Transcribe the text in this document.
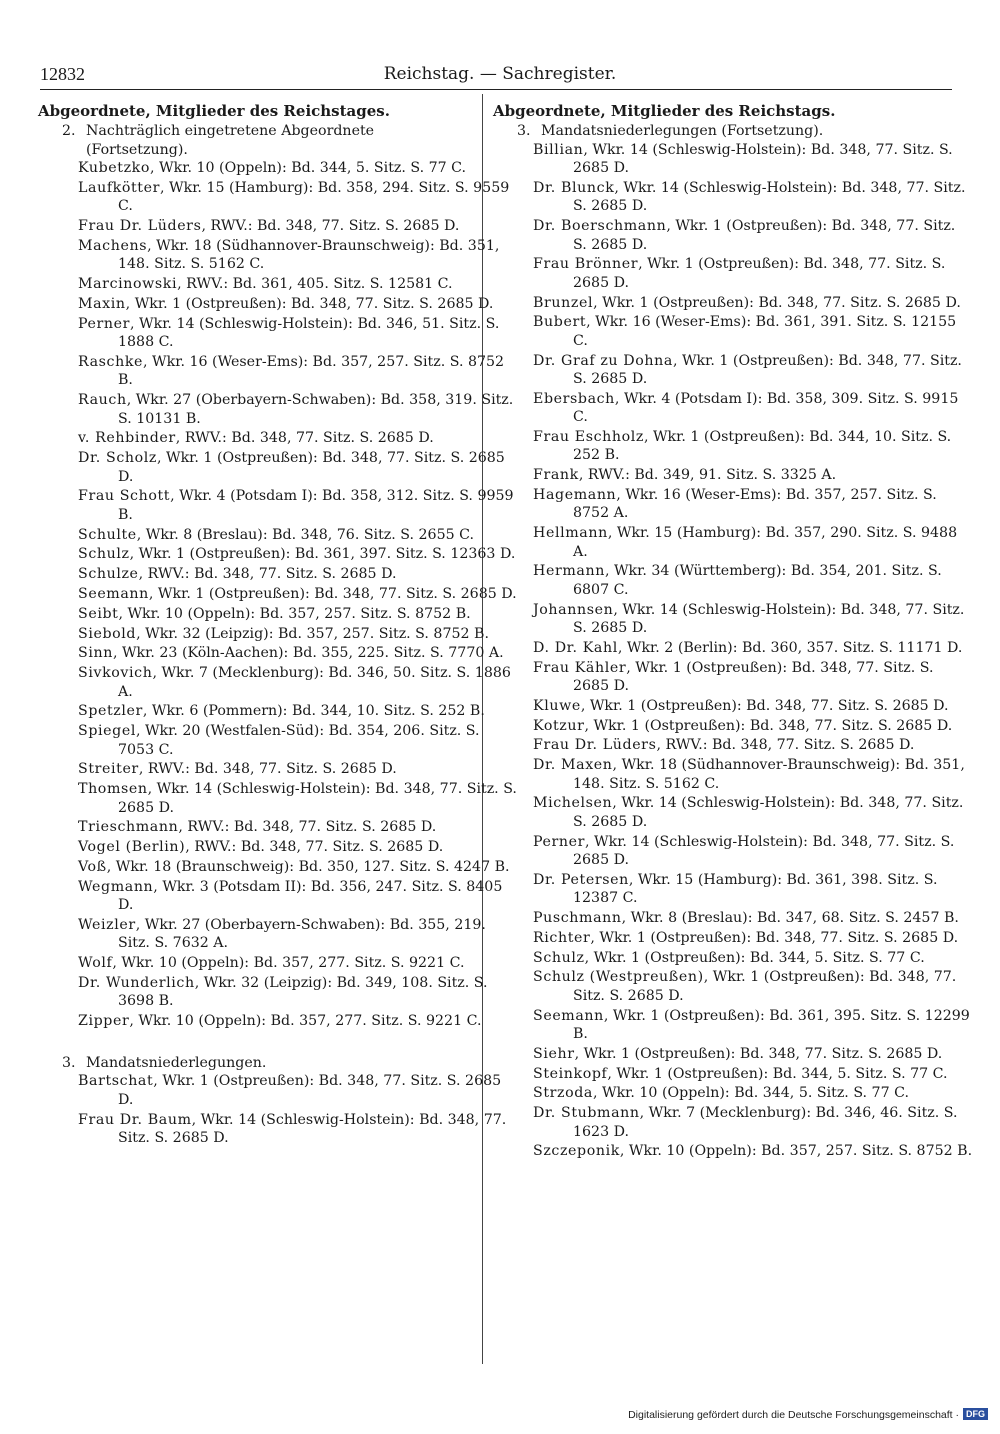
12832	Reichstag. — Sachregister.
Abgeordnete, Mitglieder des Reichstages.
2. Nachträglich eingetretene Abgeordnete (Fortsetzung).

Kubetzko, Wkr. 10 (Oppeln): Bd. 344, 5. Sitz. S. 77 C.

Laufkötter, Wkr. 15 (Hamburg): Bd. 358, 294. Sitz. S. 9559 C.

Frau Dr. Lüders, RWV.: Bd. 348, 77. Sitz. S. 2685 D.

Machens, Wkr. 18 (Südhannover-Braunschweig): Bd. 351, 148. Sitz. S. 5162 C.

Marcinowski, RWV.: Bd. 361, 405. Sitz. S. 12581 C.

Maxin, Wkr. 1 (Ostpreußen): Bd. 348, 77. Sitz. S. 2685 D.

Perner, Wkr. 14 (Schleswig-Holstein): Bd. 346, 51. Sitz. S. 1888 C.

Raschke, Wkr. 16 (Weser-Ems): Bd. 357, 257. Sitz. S. 8752 B.

Rauch, Wkr. 27 (Oberbayern-Schwaben): Bd. 358, 319. Sitz. S. 10131 B.

v. Rehbinder, RWV.: Bd. 348, 77. Sitz. S. 2685 D.

Dr. Scholz, Wkr. 1 (Ostpreußen): Bd. 348, 77. Sitz. S. 2685 D.

Frau Schott, Wkr. 4 (Potsdam I): Bd. 358, 312. Sitz. S. 9959 B.

Schulte, Wkr. 8 (Breslau): Bd. 348, 76. Sitz. S. 2655 C.

Schulz, Wkr. 1 (Ostpreußen): Bd. 361, 397. Sitz. S. 12363 D.

Schulze, RWV.: Bd. 348, 77. Sitz. S. 2685 D.

Seemann, Wkr. 1 (Ostpreußen): Bd. 348, 77. Sitz. S. 2685 D.

Seibt, Wkr. 10 (Oppeln): Bd. 357, 257. Sitz. S. 8752 B.

Siebold, Wkr. 32 (Leipzig): Bd. 357, 257. Sitz. S. 8752 B.

Sinn, Wkr. 23 (Köln-Aachen): Bd. 355, 225. Sitz. S. 7770 A.

Sivkovich, Wkr. 7 (Mecklenburg): Bd. 346, 50. Sitz. S. 1886 A.

Spetzler, Wkr. 6 (Pommern): Bd. 344, 10. Sitz. S. 252 B.

Spiegel, Wkr. 20 (Westfalen-Süd): Bd. 354, 206. Sitz. S. 7053 C.

Streiter, RWV.: Bd. 348, 77. Sitz. S. 2685 D.

Thomsen, Wkr. 14 (Schleswig-Holstein): Bd. 348, 77. Sitz. S. 2685 D.

Trieschmann, RWV.: Bd. 348, 77. Sitz. S. 2685 D.

Vogel (Berlin), RWV.: Bd. 348, 77. Sitz. S. 2685 D.

Voß, Wkr. 18 (Braunschweig): Bd. 350, 127. Sitz. S. 4247 B.

Wegmann, Wkr. 3 (Potsdam II): Bd. 356, 247. Sitz. S. 8405 D.

Weizler, Wkr. 27 (Oberbayern-Schwaben): Bd. 355, 219. Sitz. S. 7632 A.

Wolf, Wkr. 10 (Oppeln): Bd. 357, 277. Sitz. S. 9221 C.

Dr. Wunderlich, Wkr. 32 (Leipzig): Bd. 349, 108. Sitz. S. 3698 B.

Zipper, Wkr. 10 (Oppeln): Bd. 357, 277. Sitz. S. 9221 C.

3. Mandatsniederlegungen.

Bartschat, Wkr. 1 (Ostpreußen): Bd. 348, 77. Sitz. S. 2685 D.

Frau Dr. Baum, Wkr. 14 (Schleswig-Holstein): Bd. 348, 77. Sitz. S. 2685 D.

Abgeordnete, Mitglieder des Reichstags.
3. Mandatsniederlegungen (Fortsetzung).

Billian, Wkr. 14 (Schleswig-Holstein): Bd. 348, 77. Sitz. S. 2685 D.

Dr. Blunck, Wkr. 14 (Schleswig-Holstein): Bd. 348, 77. Sitz. S. 2685 D.

Dr. Boerschmann, Wkr. 1 (Ostpreußen): Bd. 348, 77. Sitz. S. 2685 D.

Frau Brönner, Wkr. 1 (Ostpreußen): Bd. 348, 77. Sitz. S. 2685 D.

Brunzel, Wkr. 1 (Ostpreußen): Bd. 348, 77. Sitz. S. 2685 D.

Bubert, Wkr. 16 (Weser-Ems): Bd. 361, 391. Sitz. S. 12155 C.

Dr. Graf zu Dohna, Wkr. 1 (Ostpreußen): Bd. 348, 77. Sitz. S. 2685 D.

Ebersbach, Wkr. 4 (Potsdam I): Bd. 358, 309. Sitz. S. 9915 C.

Frau Eschholz, Wkr. 1 (Ostpreußen): Bd. 344, 10. Sitz. S. 252 B.

Frank, RWV.: Bd. 349, 91. Sitz. S. 3325 A.

Hagemann, Wkr. 16 (Weser-Ems): Bd. 357, 257. Sitz. S. 8752 A.

Hellmann, Wkr. 15 (Hamburg): Bd. 357, 290. Sitz. S. 9488 A.

Hermann, Wkr. 34 (Württemberg): Bd. 354, 201. Sitz. S. 6807 C.

Johannsen, Wkr. 14 (Schleswig-Holstein): Bd. 348, 77. Sitz. S. 2685 D.

D. Dr. Kahl, Wkr. 2 (Berlin): Bd. 360, 357. Sitz. S. 11171 D.

Frau Kähler, Wkr. 1 (Ostpreußen): Bd. 348, 77. Sitz. S. 2685 D.

Kluwe, Wkr. 1 (Ostpreußen): Bd. 348, 77. Sitz. S. 2685 D.

Kotzur, Wkr. 1 (Ostpreußen): Bd. 348, 77. Sitz. S. 2685 D.

Frau Dr. Lüders, RWV.: Bd. 348, 77. Sitz. S. 2685 D.

Dr. Maxen, Wkr. 18 (Südhannover-Braunschweig): Bd. 351, 148. Sitz. S. 5162 C.

Michelsen, Wkr. 14 (Schleswig-Holstein): Bd. 348, 77. Sitz. S. 2685 D.

Perner, Wkr. 14 (Schleswig-Holstein): Bd. 348, 77. Sitz. S. 2685 D.

Dr. Petersen, Wkr. 15 (Hamburg): Bd. 361, 398. Sitz. S. 12387 C.

Puschmann, Wkr. 8 (Breslau): Bd. 347, 68. Sitz. S. 2457 B.

Richter, Wkr. 1 (Ostpreußen): Bd. 348, 77. Sitz. S. 2685 D.

Schulz, Wkr. 1 (Ostpreußen): Bd. 344, 5. Sitz. S. 77 C.

Schulz (Westpreußen), Wkr. 1 (Ostpreußen): Bd. 348, 77. Sitz. S. 2685 D.

Seemann, Wkr. 1 (Ostpreußen): Bd. 361, 395. Sitz. S. 12299 B.

Siehr, Wkr. 1 (Ostpreußen): Bd. 348, 77. Sitz. S. 2685 D.

Steinkopf, Wkr. 1 (Ostpreußen): Bd. 344, 5. Sitz. S. 77 C.

Strzoda, Wkr. 10 (Oppeln): Bd. 344, 5. Sitz. S. 77 C.

Dr. Stubmann, Wkr. 7 (Mecklenburg): Bd. 346, 46. Sitz. S. 1623 D.

Szczeponik, Wkr. 10 (Oppeln): Bd. 357, 257. Sitz. S. 8752 B.

Digitalisierung gefördert durch die Deutsche Forschungsgemeinschaft · DFG
